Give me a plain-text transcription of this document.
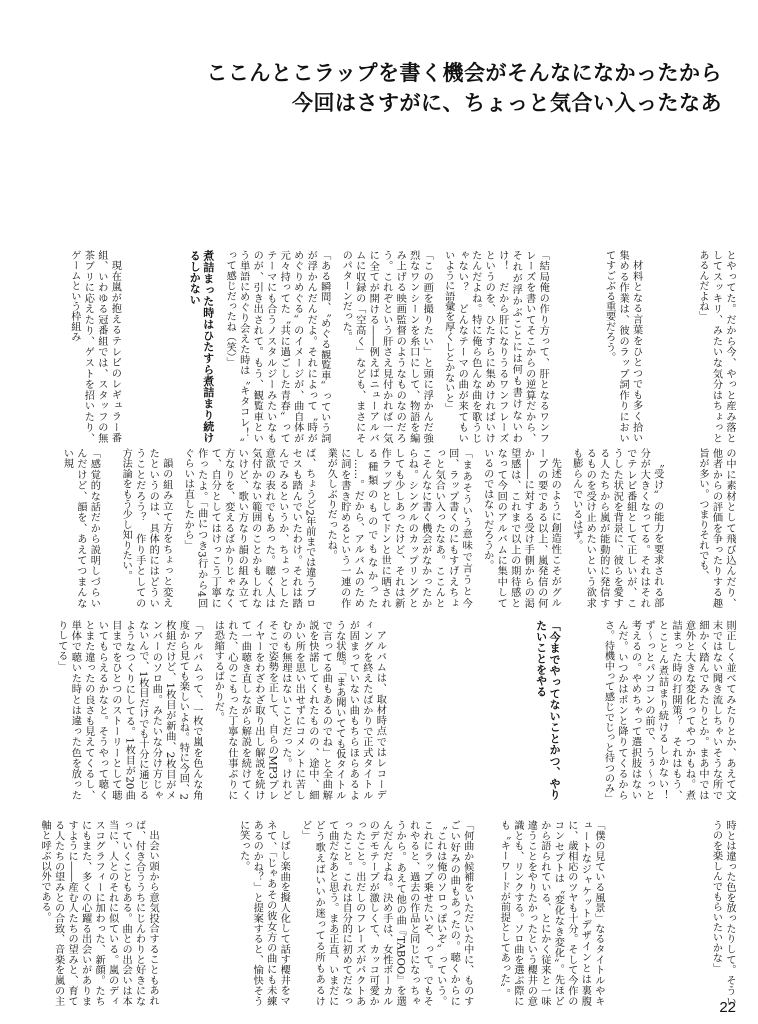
ここんとこラップを書く機会がそんなになかったから
今回はさすがに、ちょっと気合い入ったなあ

とやってた。だから今、やっと産み落としてスッキリ、みたいな気分はちょっとあるんだよね」

材料となる言葉をひとつでも多く拾い集める作業は、彼のラップ詞作りにおいてすごぶる重要だろう。

「結局俺の作り方って、肝となるワンフレーズを書いてそこからの逆算だから、それが浮かぶことには何も書けないわけ！　だから肝になりうるワンフレーズというのを、ひたすらに集めければいけたんだよね。特に俺ら色んな曲を歌うじゃない？　どんなテーマの曲が来てもいいように語彙を厚くしとかないと」

「この画を撮りたい」と頭に浮かんだ強烈なワンシーンを糸口にして、物語を編み上げる映画監督のようなものなのだろう。これぞという肝さえ見付かれば一気に全てが開ける――例えばニューアルバムに収録の「空高く」なども、まさにそのパターンだった。

「ある瞬間、〝めぐる観覧車〟っていう詞が浮かんだんだよ。それによって〝時がめぐりめぐる〟のイメージが、曲自体が元々持ってた〝共に過ごした青春〟ってテーマにも合うノスタルジーみたいなものが、引き出されて。もう、観覧車という単語にめぐり会えた時は〝キタコレ！〟って感じだったね（笑）」

煮詰まった時はひたすら煮詰まり続けるしかない

現在嵐が抱えるテレビのレギュラー番組、いわゆる冠番組では、スタッフの無茶ブリに応えたり、ゲストを招いたり、ゲームという枠組み

の中に素材として飛び込んだり、他者からの評価を争ったりする趣旨が多い。つまりそれでも、

〝受け〟の能力を要求される部分が大きくなってる。それはそれでテレビ番組として正しいが、こうした状況を背景に、彼らを愛する人たちから嵐が能動的に発信するものを受け止めたいという欲求も膨らんでいるはず。

先述のように創造性こそがグループの要である以上、嵐発信の何か――に対する受け手側からの渇望感は、これまで以上の期待感となって今回のアルバムに集中しているのではないだろうか。

「まあそういう意味で言うと今回、ラップ書くのにもすげえちょっと気合い入ったなあ。ここんとこそんなに書く機会がなかったからね。シングルのカップリングとしても少しあったけど、それは新作ラップとしてドンと世に晒される種類のものでもなかったし……。だから、アルバムのために詞を書き貯めるという一連の作業が久しぶりだったね。

ば、ちょうど2年前までは違うプロセスも踏んでいたわけ。それは踏んでみるというか、ちょっとした意欲の表れでもあった。聴く人は気付かない範囲のことかもしれないけど、歌い方なり韻の組み立て方なりを、変えるばかりじゃなくて、自分としてはけっこう丁寧に作ったよ。「曲につき3行から4回ぐらいは直したから」

韻の組み立て方をちょっと変えたというのは、具体的にはどういうことだろう？　作り手としての方法論をもう少し知りたい。

「感覚的な話だから説明しづらいんだけど、韻を、あえてつまんない規

則正しく並べてみたりとか、あえて文末ではない聞き流しちゃいそうな所で細かく踏んでみたりとか。まあ中では意外と大きな変化ってやつかもね。煮詰まった時の打開策？　それはもう、とことん煮詰まり続けるしかない！　ず～っとパソコンの前で、うぅ～っと考えるの。やめちゃって選択肢はないんだ。いつかはポンと降りてくるからさ。待機中って感じでじっと待つのみ」

「今までやってないことかつ、やりたいことをやる

アルバムは、取材時点ではレコーディングを終えたばかりで正式タイトルが固まっていない曲もちらほらあるような状態。「まあ聞いてても仮タイトルで言ってる曲もあるのでね」と全曲解説を快諾してくれたものの、途中、細かい所を思い出せずにコメントに苦しむのも無理はないことだった。けれどそこで姿勢を正して、自らのMP3プレイヤーをわざわざ取り出し解説を続けて一曲聴き直しながら解説を続けてくれた、心のこもった丁寧な仕事ぶりには恐縮するばかりだ。

「アルバムって、一枚で嵐を色んな角度から見ても楽しいよね。特に今回、2枚組だけど、1枚目が新曲、2枚目がメンバーのソロ曲。みたいな分け方じゃないんで、1枚目だけでも十分に通じるようなつくりにしてる。1枚目が20曲目までをひとつのストーリーとして聴いてもらえるかなと。そうやって聴くとまた違ったの良さも見えてくるし、単体で聴いた時とは違った色を放ったりしてる」

時とは違った色を放ったりして。そういうのを楽しんでもらいたいかな」

「僕の見ている風景」なるタイトルやキュートなジャケットデザインとは裏腹に、歳相応のツヤも十分。そして今作のコンセプトは〝変化なき変化〟。先ほどから語られている、とにかく従来と一味違うことをやりたかったという櫻井の意識とも、リンクする。ソロ曲を選ぶ際にも〝キーワードが前提としてあった〟。

「何曲か候補をいただいた中に、ものすごい好みの曲もあったの。聴くからに〝これは俺のソロっぽいぞ〟っていう。これにラップ乗せたいぞ、って。でもそれやると、過去の作品と同じになっちゃうから。あえて他の曲『TABOO』を選んだんだよね。決め手は、女性ボーカルのデモテープが激しくて、カッコ可愛かったこと。出だしのフレーズがパクトあったこと。これは自分的に初めてだなって曲だなあと思う。まあ正直、いまだにどう歌えばいいか迷ってる所もあるけど」

しばし楽曲を擬人化して話す櫻井をマネて、「じゃあその彼女方の曲にも未練あるのかね？」と提案すると、愉快そうに笑った。

出会い頭から意気投合することもあれば、付き合ううちにじんわりと好きになっていくこともある。曲との出会いは本当に、人とのそれに似ている。嵐のディスコグラフィーに加わった、新顔。たちにもまた、多くの心躍る出会いがありますように――産む人たちの望みと、育てる人たちの望みとの合致、音楽を嵐の主軸と呼ぶ以外である。

22
